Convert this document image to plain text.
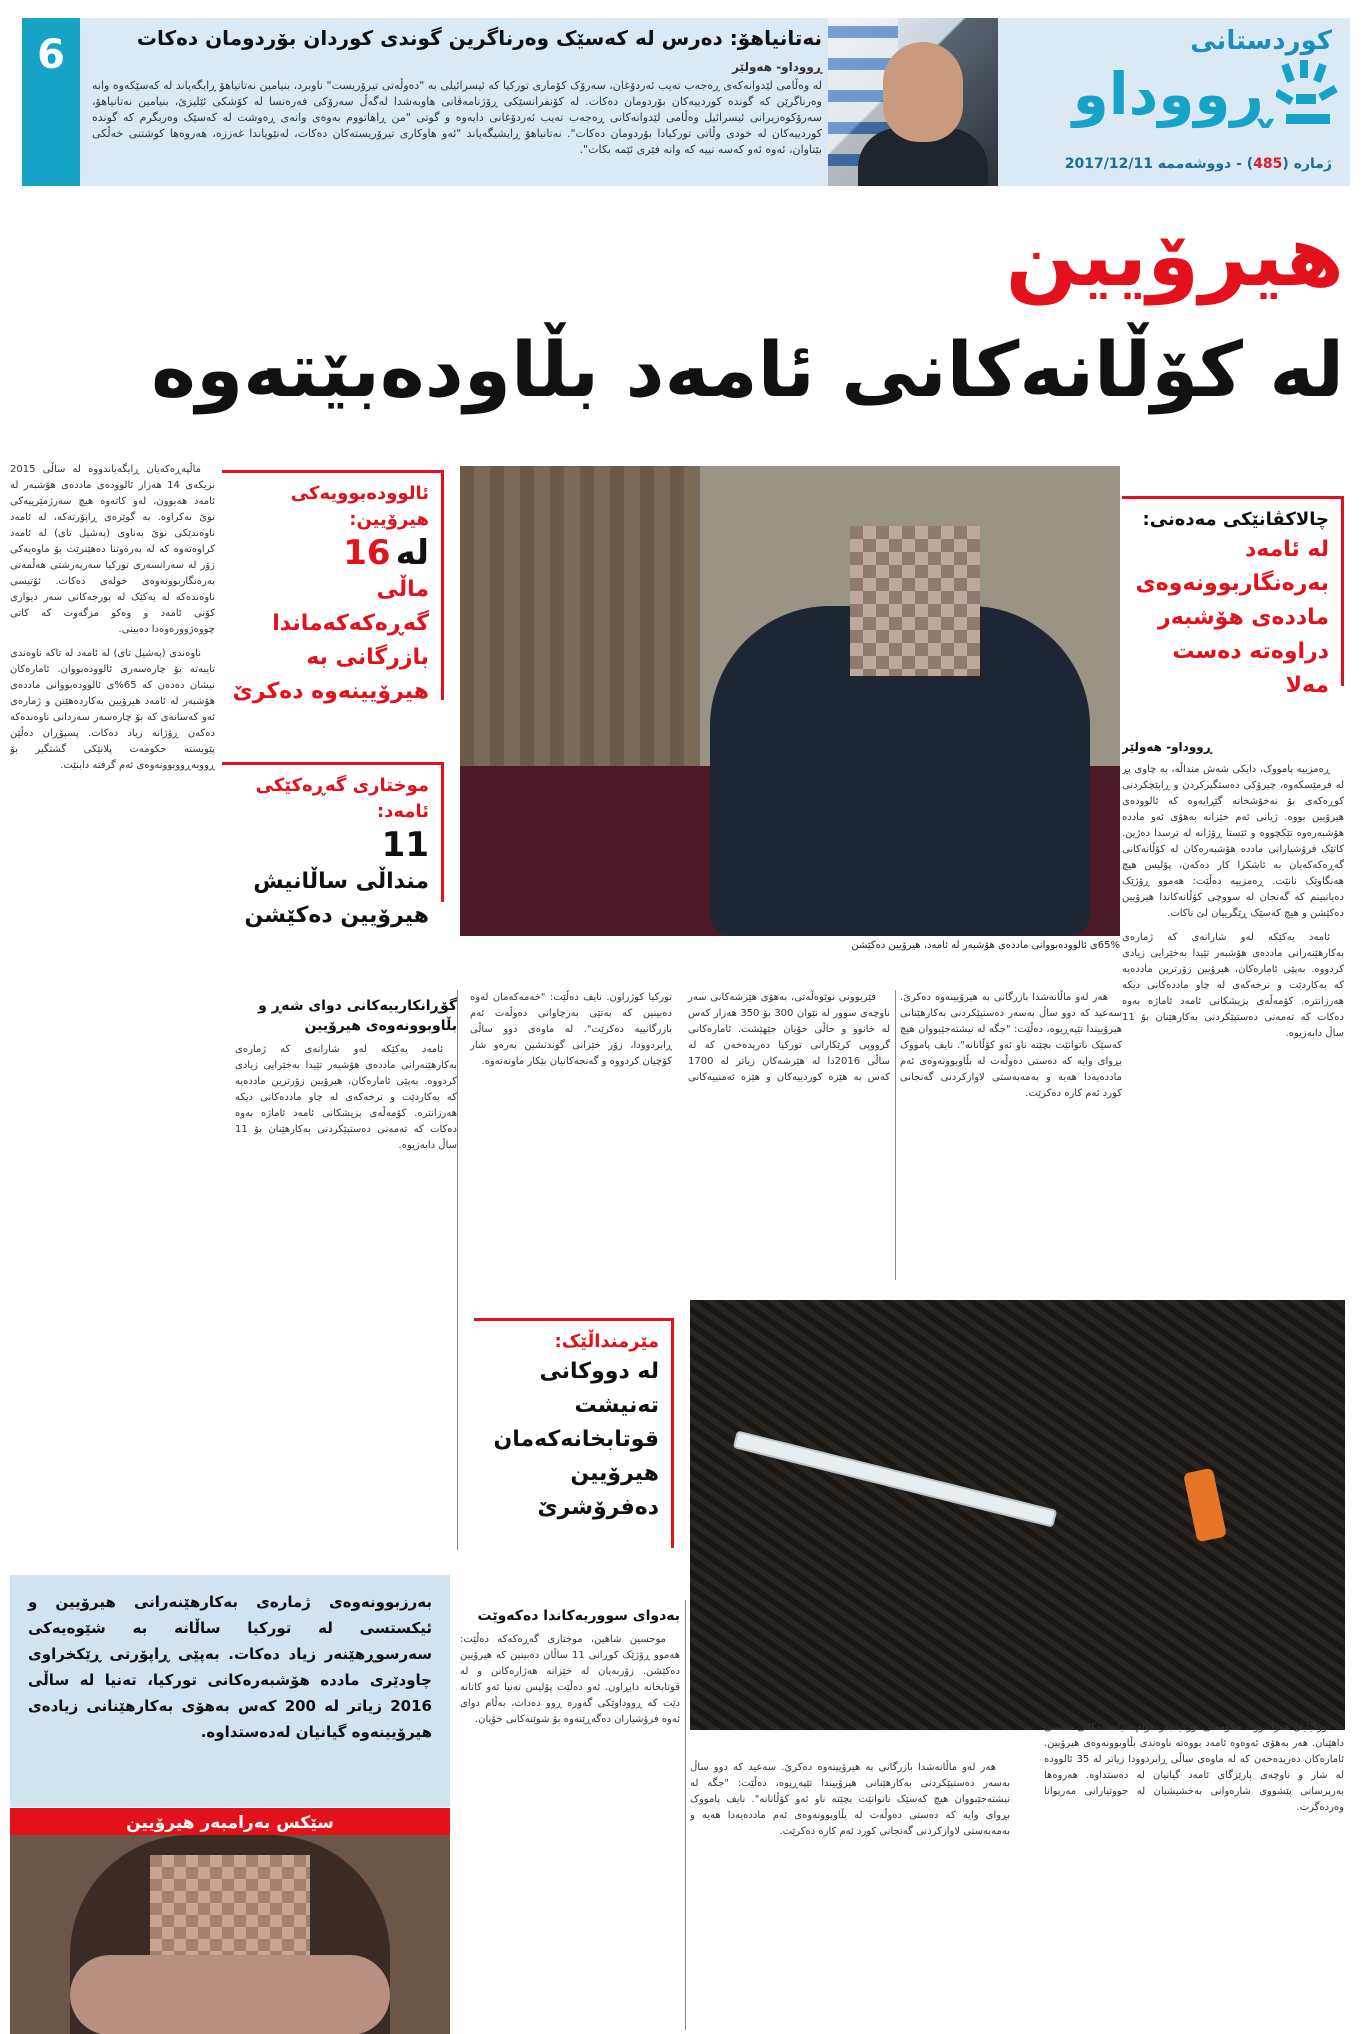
6	نەتانیاهۆ: دەرس لە کەسێک وەرناگرین گوندی کوردان بۆردومان دەکات
ڕووداو- هەولێر
لە وەڵامی لێدوانەکەی ڕەجەب تەیب ئەردۆغان، سەرۆک کۆماری تورکیا کە ئیسرائیلی بە "دەوڵەتی تیرۆریست" ناوبرد، بنیامین نەتانیاهۆ ڕایگەیاند لە کەسێکەوە وانە وەرناگرێن کە گوندە کوردییەکان بۆردومان دەکات. لە کۆنفرانسێکی ڕۆژنامەڤانی هاوبەشدا لەگەڵ سەرۆکی فەرەنسا لە کۆشکی ئێلیزێ، بنیامین نەتانیاهۆ، سەرۆکوەزیرانی ئیسرائیل وەڵامی لێدوانەکانی ڕەجەب تەیب ئەردۆغانی دایەوە و گوتی "من ڕاهاتووم بەوەی وانەی ڕەوشت لە کەسێک وەربگرم کە گوندە کوردییەکان لە خودی وڵاتی تورکیادا بۆردومان دەکات". نەتانیاهۆ ڕایشیگەیاند "ئەو هاوکاری تیرۆریستەکان دەکات، لەنێویاندا غەززە، هەروەها کوشتنی خەڵکی بێتاوان، ئەوە ئەو کەسە نییە کە وانە فێری ئێمە بکات".
کوردستانی
ڕووداو
ژمارە (485) - دووشەممە 2017/12/11
هیرۆیین
لە کۆڵانەکانی ئامەد بڵاودەبێتەوە
65%ی ئالوودەبووانی ماددەی هۆشبەر لە ئامەد، هیرۆیین دەکێشن
چالاکڤانێکی مەدەنی:
لە ئامەد بەرەنگاربوونەوەی ماددەی هۆشبەر دراوەتە دەست مەلا
ئالوودەبوویەکی هیرۆیین:
لە 16
ماڵی گەڕەکەکەماندا بازرگانی بە هیرۆیینەوە دەکرێ
موختاری گەڕەکێکی ئامەد:
11
منداڵی ساڵانیش هیرۆیین دەکێشن
مێرمنداڵێک:
لە دووکانی تەنیشت قوتابخانەکەمان هیرۆیین دەفرۆشرێ

بەرزبوونەوەی ژمارەی بەکارهێنەرانی هیرۆیین و ئیکستسی لە تورکیا ساڵانە بە شێوەیەکی سەرسوڕهێنەر زیاد دەکات. بەپێی ڕاپۆرتی ڕێکخراوی چاودێری ماددە هۆشبەرەکانی تورکیا، تەنیا لە ساڵی 2016 زیاتر لە 200 کەس بەهۆی بەکارهێنانی زیادەی هیرۆیینەوە گیانیان لەدەستداوە.

سێکس بەرامبەر هیرۆیین

ڕووداو- هەولێر

ڕەمزییە پامووک، دایکی شەش منداڵە، بە چاوی پڕ لە فرمێسکەوە، چیرۆکی دەستگیرکردن و ڕاپێچکردنی کوڕەکەی بۆ نەخۆشخانە گێڕایەوە کە ئالوودەی هیرۆیین بووە. ژیانی ئەم خێزانە بەهۆی ئەو ماددە هۆشبەرەوە تێکچووە و ئێستا ڕۆژانە لە ترسدا دەژین. کاتێک فرۆشیارانی ماددە هۆشبەرەکان لە کۆڵانەکانی گەڕەکەکەیان بە ئاشکرا کار دەکەن، پۆلیس هیچ هەنگاوێک نانێت. ڕەمزییە دەڵێت: هەموو ڕۆژێک دەیانبینم کە گەنجان لە سووچی کۆڵانەکاندا هیرۆیین دەکێشن و هیچ کەسێک ڕێگرییان لێ ناکات.

ئامەد یەکێکە لەو شارانەی کە ژمارەی بەکارهێنەرانی ماددەی هۆشبەر تێیدا بەخێرایی زیادی کردووە. بەپێی ئامارەکان، هیرۆیین زۆرترین ماددەیە کە بەکاردێت و نرخەکەی لە چاو ماددەکانی دیکە هەرزانترە. کۆمەڵەی پزیشکانی ئامەد ئاماژە بەوە دەکات کە تەمەنی دەستپێکردنی بەکارهێنان بۆ 11 ساڵ دابەزیوە.

فێربوونی نوێوەڵەتی، بەهۆی هێزشەکانی سەر ناوچەی سوور لە نێوان 300 بۆ 350 هەزار کەس لە خانوو و حاڵی خۆیان جێهێشت. ئامارەکانی گرووپی کرێکارانی تورکیا دەریدەخەن کە لە ساڵی 2016دا لە هێرشەکان زیاتر لە 1700 کەس بە هێزە کوردییەکان و هێزە ئەمنییەکانی تورکیا کوژراون. نایف دەڵێت: "خەمەکەمان لەوە دەبینین کە بەتێی بەرچاوانی دەوڵەت ئەم بازرگانییە دەکرێت". لە ماوەی دوو ساڵی ڕابردوودا، زۆر خێزانی گوندنشین بەرەو شار کۆچیان کردووە و گەنجەکانیان بێکار ماونەتەوە.

هەر لەو ماڵانەشدا بازرگانی بە هیرۆیینەوە دەکرێ. سەعید کە دوو ساڵ بەسەر دەستپێکردنی بەکارهێنانی هیرۆییندا تێپەڕیوە، دەڵێت: "جگە لە نیشتەجێبووان هیچ کەسێک ناتوانێت بچێتە ناو ئەو کۆڵانانە". نایف پامووک بڕوای وایە کە دەستی دەوڵەت لە بڵاوبوونەوەی ئەم ماددەیەدا هەیە و بەمەبەستی لاوازکردنی گەنجانی کورد ئەم کارە دەکرێت.

گۆڕانکارییەکانی دوای شەڕ و بڵاوبوونەوەی هیرۆیین

ئامەد یەکێکە لەو شارانەی کە ژمارەی بەکارهێنەرانی ماددەی هۆشبەر تێیدا بەخێرایی زیادی کردووە. بەپێی ئامارەکان، هیرۆیین زۆرترین ماددەیە کە بەکاردێت و نرخەکەی لە چاو ماددەکانی دیکە هەرزانترە. کۆمەڵەی پزیشکانی ئامەد ئاماژە بەوە دەکات کە تەمەنی دەستپێکردنی بەکارهێنان بۆ 11 ساڵ دابەزیوە.

ماڵپەڕەکەیان ڕایگەیاندووە لە ساڵی 2015 نزیکەی 14 هەزار ئالوودەی ماددەی هۆشبەر لە ئامەد هەبوون، لەو کاتەوە هیچ سەرژمێرییەکی نوێ نەکراوە. بە گوێرەی ڕاپۆرتەکە، لە ئامەد ناوەندێکی نوێ بەناوی (پەشیل تای) لە ئامەد کراوەتەوە کە لە بەرەوتنا دەهێنرێت بۆ ماوەیەکی زۆر لە سەرانسەری تورکیا سەرپەرشتی هەڵمەتی بەرەنگاربوونەوەی خولەی دەکات. ئۆتیسی ناوەندەکە لە یەکێک لە بورجەکانی سەر دیواری کۆنی ئامەد و وەکو مزگەوت کە کاتی چووەژوورەوەدا دەبینی.

ناوەندی (پەشیل تای) لە ئامەد لە تاکە ناوەندی تایبەتە بۆ چارەسەری ئالوودەبووان. ئامارەکان نیشان دەدەن کە 65%ی ئالوودەبووانی ماددەی هۆشبەر لە ئامەد هیرۆیین بەکاردەهێنن و ژمارەی ئەو کەسانەی کە بۆ چارەسەر سەردانی ناوەندەکە دەکەن ڕۆژانە زیاد دەکات. پسپۆڕان دەڵێن پێویستە حکومەت پلانێکی گشتگیر بۆ ڕووبەڕووبوونەوەی ئەم گرفتە دابنێت.

تورکیایان هەژاندووە، حکومەتی تورکیا بەردەوام سیاسەتەکانی دەستی داهێنان. هەر بەهۆی ئەوەوە ئامەد بووەتە ناوەندی بڵاوبوونەوەی هیرۆیین. ئامارەکان دەریدەخەن کە لە ماوەی ساڵی ڕابردوودا زیاتر لە 35 ئالوودە لە شار و ناوچەی پارێزگای ئامەد گیانیان لە دەستداوە. هەروەها بەرپرسانی پێشووی شارەوانی بەخشیشیان لە جووتیارانی مەریوانا وەردەگرت.

هەر لەو ماڵانەشدا بازرگانی بە هیرۆیینەوە دەکرێ. سەعید کە دوو ساڵ بەسەر دەستپێکردنی بەکارهێنانی هیرۆییندا تێپەڕیوە، دەڵێت: "جگە لە نیشتەجێبووان هیچ کەسێک ناتوانێت بچێتە ناو ئەو کۆڵانانە". نایف پامووک بڕوای وایە کە دەستی دەوڵەت لە بڵاوبوونەوەی ئەم ماددەیەدا هەیە و بەمەبەستی لاوازکردنی گەنجانی کورد ئەم کارە دەکرێت.

بەدوای سووریەکاندا دەکەوێت

موحسین شاهین، موختاری گەڕەکەکە دەڵێت: هەموو ڕۆژێک کوڕانی 11 ساڵان دەبینین کە هیرۆیین دەکێشن. زۆربەیان لە خێزانە هەژارەکانن و لە قوتابخانە دابڕاون. ئەو دەڵێت پۆلیس تەنیا ئەو کاتانە دێت کە ڕووداوێکی گەورە ڕوو دەدات، بەڵام دوای ئەوە فرۆشیاران دەگەڕێنەوە بۆ شوێنەکانی خۆیان.
